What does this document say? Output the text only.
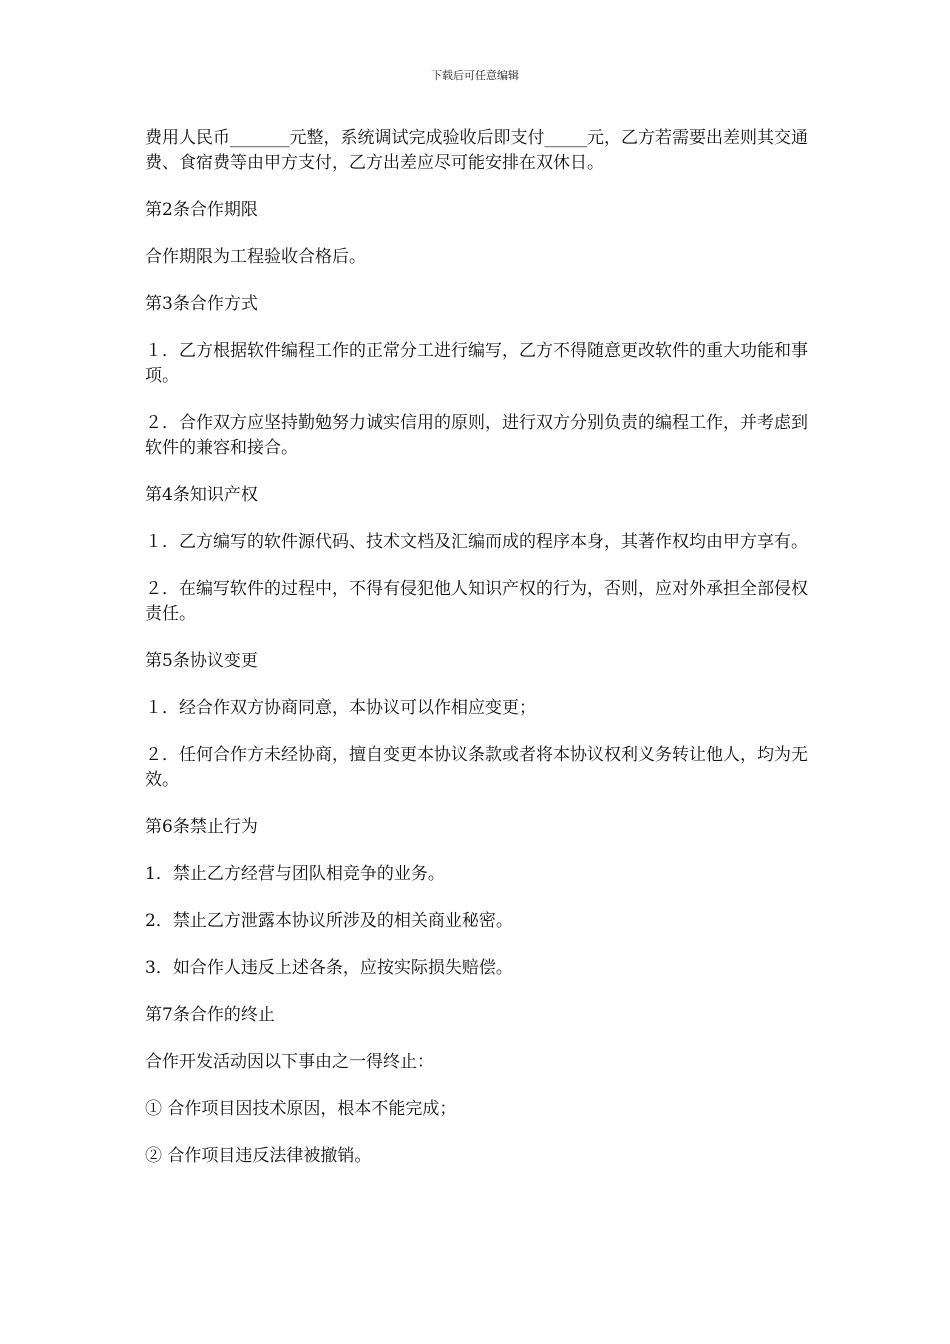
下载后可任意编辑

费用人民币_______元整，系统调试完成验收后即支付_____元，乙方若需要出差则其交通费、食宿费等由甲方支付，乙方出差应尽可能安排在双休日。

第2条合作期限

合作期限为工程验收合格后。

第3条合作方式

１．乙方根据软件编程工作的正常分工进行编写，乙方不得随意更改软件的重大功能和事项。

２．合作双方应坚持勤勉努力诚实信用的原则，进行双方分别负责的编程工作，并考虑到软件的兼容和接合。

第4条知识产权

１．乙方编写的软件源代码、技术文档及汇编而成的程序本身，其著作权均由甲方享有。

２．在编写软件的过程中，不得有侵犯他人知识产权的行为，否则，应对外承担全部侵权责任。

第5条协议变更

１．经合作双方协商同意，本协议可以作相应变更；

２．任何合作方未经协商，擅自变更本协议条款或者将本协议权利义务转让他人，均为无效。

第6条禁止行为

1．禁止乙方经营与团队相竞争的业务。

2．禁止乙方泄露本协议所涉及的相关商业秘密。

3．如合作人违反上述各条，应按实际损失赔偿。

第7条合作的终止

合作开发活动因以下事由之一得终止：

① 合作项目因技术原因，根本不能完成；

② 合作项目违反法律被撤销。
